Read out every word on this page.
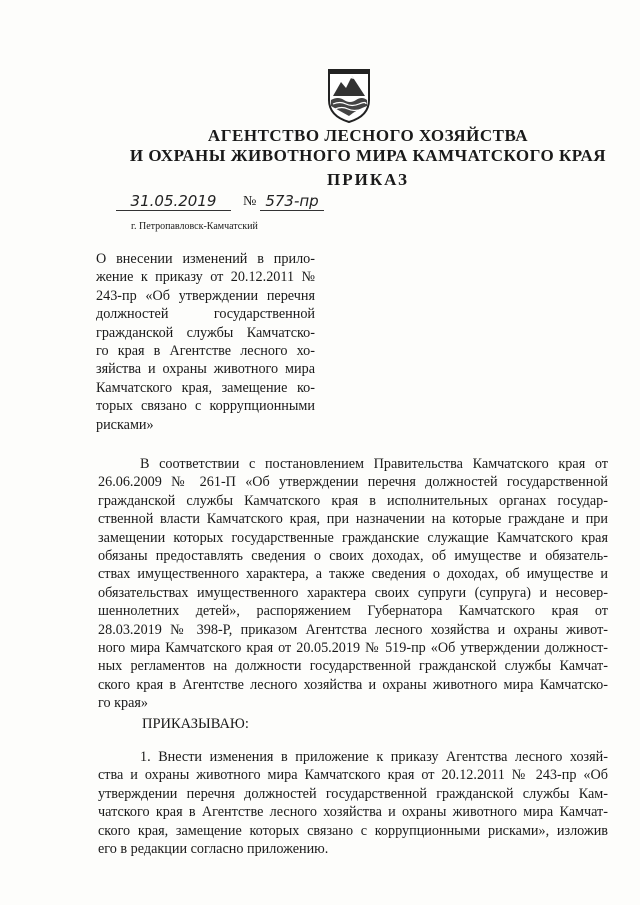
АГЕНТСТВО ЛЕСНОГО ХОЗЯЙСТВА
И ОХРАНЫ ЖИВОТНОГО МИРА КАМЧАТСКОГО КРАЯ
ПРИКАЗ
31.05.2019	№ 573-пр
г. Петропавловск-Камчатский
О внесении изменений в прило-
жение к приказу от 20.12.2011 №
243-пр «Об утверждении перечня
должностей государственной
гражданской службы Камчатско-
го края в Агентстве лесного хо-
зяйства и охраны животного мира
Камчатского края, замещение ко-
торых связано с коррупционными
рисками»
В соответствии с постановлением Правительства Камчатского края от
26.06.2009 № 261-П «Об утверждении перечня должностей государственной
гражданской службы Камчатского края в исполнительных органах государ-
ственной власти Камчатского края, при назначении на которые граждане и при
замещении которых государственные гражданские служащие Камчатского края
обязаны предоставлять сведения о своих доходах, об имуществе и обязатель-
ствах имущественного характера, а также сведения о доходах, об имуществе и
обязательствах имущественного характера своих супруги (супруга) и несовер-
шеннолетних детей», распоряжением Губернатора Камчатского края от
28.03.2019 № 398-Р, приказом Агентства лесного хозяйства и охраны живот-
ного мира Камчатского края от 20.05.2019 № 519-пр «Об утверждении должност-
ных регламентов на должности государственной гражданской службы Камчат-
ского края в Агентстве лесного хозяйства и охраны животного мира Камчатско-
го края»
ПРИКАЗЫВАЮ:
1. Внести изменения в приложение к приказу Агентства лесного хозяй-
ства и охраны животного мира Камчатского края от 20.12.2011 № 243-пр «Об
утверждении перечня должностей государственной гражданской службы Кам-
чатского края в Агентстве лесного хозяйства и охраны животного мира Камчат-
ского края, замещение которых связано с коррупционными рисками», изложив
его в редакции согласно приложению.
